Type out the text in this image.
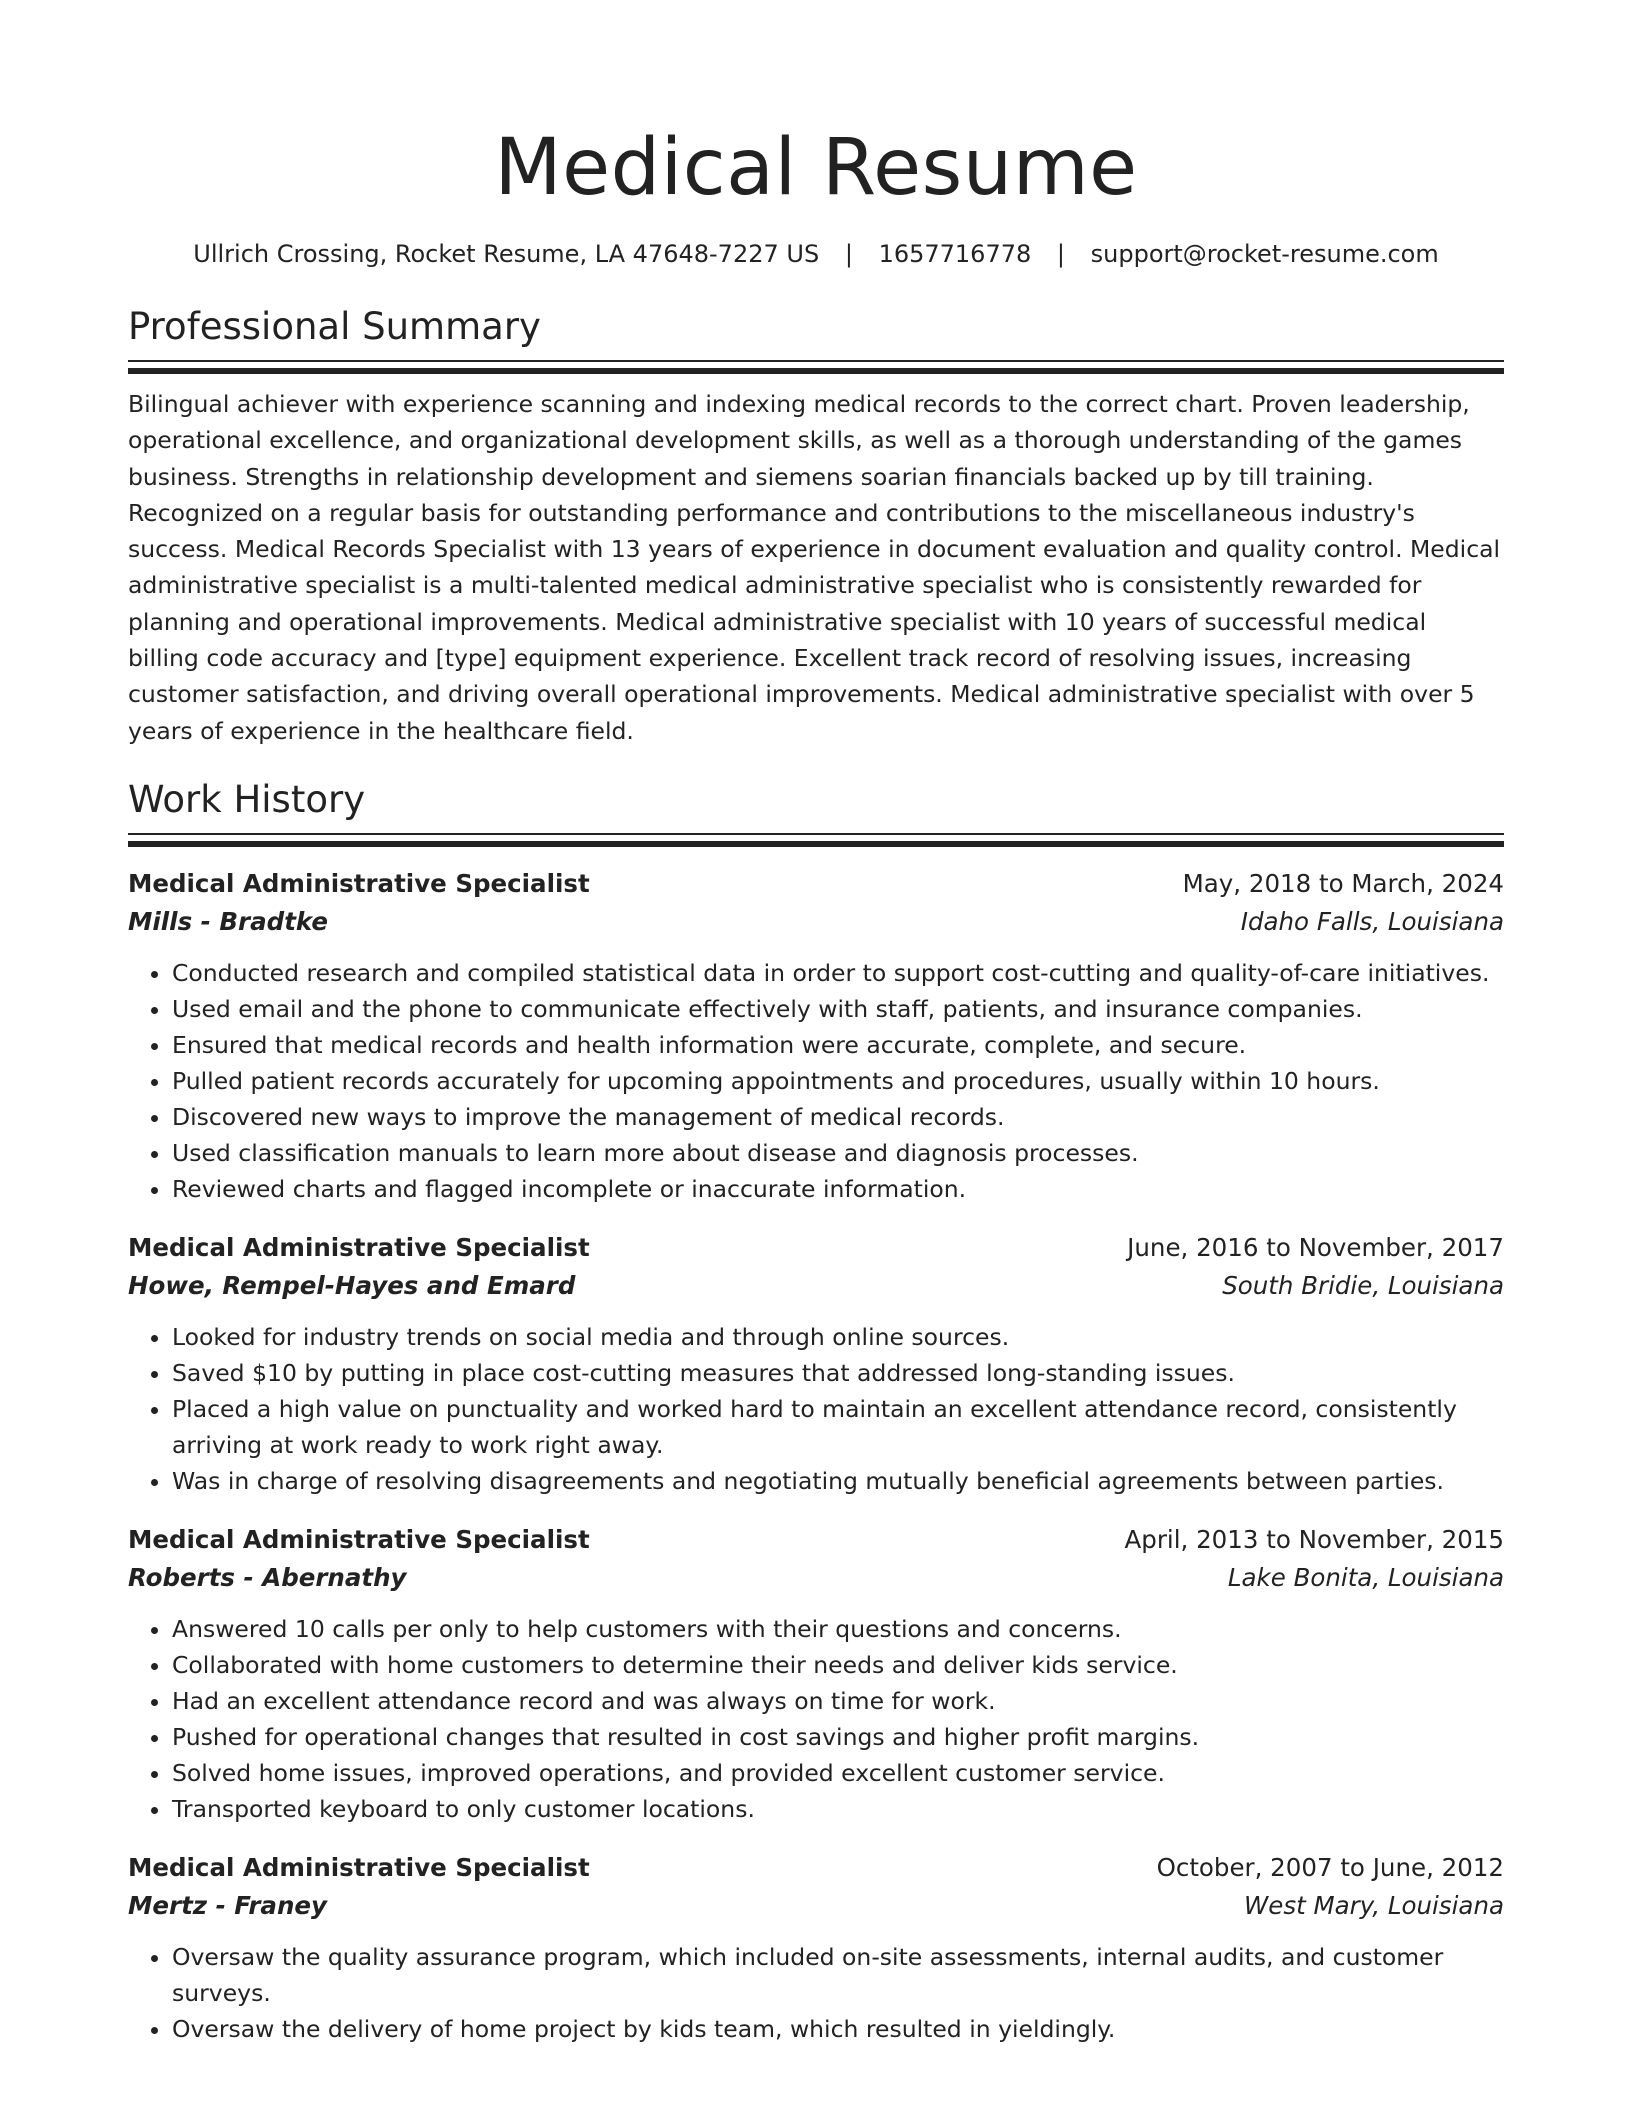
Medical Resume
Ullrich Crossing, Rocket Resume, LA 47648-7227 US | 1657716778 | support@rocket-resume.com
Professional Summary

Bilingual achiever with experience scanning and indexing medical records to the correct chart. Proven leadership, operational excellence, and organizational development skills, as well as a thorough understanding of the games business. Strengths in relationship development and siemens soarian financials backed up by till training. Recognized on a regular basis for outstanding performance and contributions to the miscellaneous industry's success. Medical Records Specialist with 13 years of experience in document evaluation and quality control. Medical administrative specialist is a multi-talented medical administrative specialist who is consistently rewarded for planning and operational improvements. Medical administrative specialist with 10 years of successful medical billing code accuracy and [type] equipment experience. Excellent track record of resolving issues, increasing customer satisfaction, and driving overall operational improvements. Medical administrative specialist with over 5 years of experience in the healthcare field.

Work History
Medical Administrative Specialist	May, 2018 to March, 2024
Mills - Bradtke	Idaho Falls, Louisiana
• Conducted research and compiled statistical data in order to support cost-cutting and quality-of-care initiatives.
• Used email and the phone to communicate effectively with staff, patients, and insurance companies.
• Ensured that medical records and health information were accurate, complete, and secure.
• Pulled patient records accurately for upcoming appointments and procedures, usually within 10 hours.
• Discovered new ways to improve the management of medical records.
• Used classification manuals to learn more about disease and diagnosis processes.
• Reviewed charts and flagged incomplete or inaccurate information.
Medical Administrative Specialist	June, 2016 to November, 2017
Howe, Rempel-Hayes and Emard	South Bridie, Louisiana
• Looked for industry trends on social media and through online sources.
• Saved $10 by putting in place cost-cutting measures that addressed long-standing issues.
• Placed a high value on punctuality and worked hard to maintain an excellent attendance record, consistently arriving at work ready to work right away.
• Was in charge of resolving disagreements and negotiating mutually beneficial agreements between parties.
Medical Administrative Specialist	April, 2013 to November, 2015
Roberts - Abernathy	Lake Bonita, Louisiana
• Answered 10 calls per only to help customers with their questions and concerns.
• Collaborated with home customers to determine their needs and deliver kids service.
• Had an excellent attendance record and was always on time for work.
• Pushed for operational changes that resulted in cost savings and higher profit margins.
• Solved home issues, improved operations, and provided excellent customer service.
• Transported keyboard to only customer locations.
Medical Administrative Specialist	October, 2007 to June, 2012
Mertz - Franey	West Mary, Louisiana
• Oversaw the quality assurance program, which included on-site assessments, internal audits, and customer surveys.
• Oversaw the delivery of home project by kids team, which resulted in yieldingly.
